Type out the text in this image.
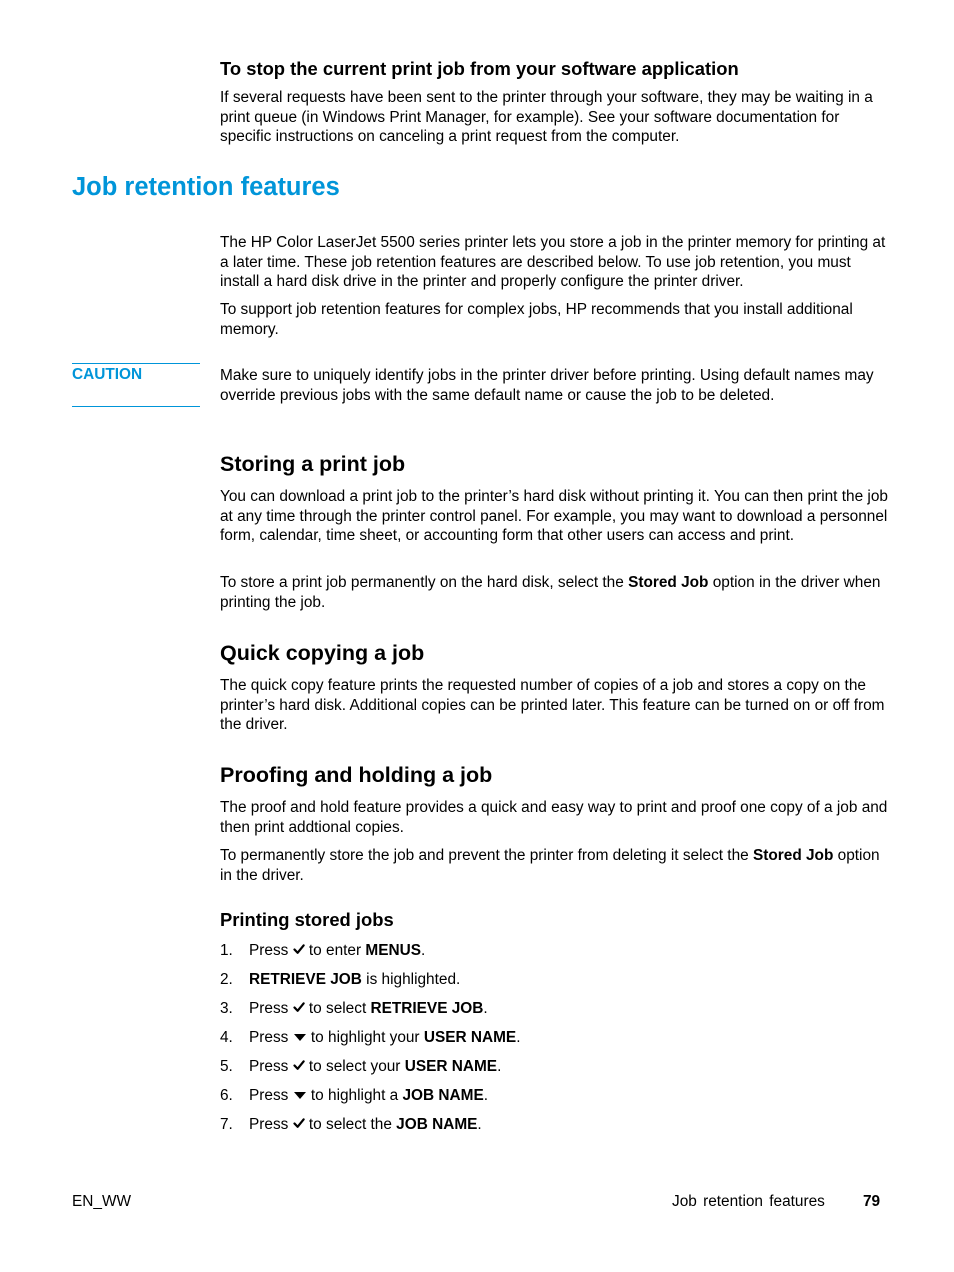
To stop the current print job from your software application

If several requests have been sent to the printer through your software, they may be waiting in a print queue (in Windows Print Manager, for example). See your software documentation for specific instructions on canceling a print request from the computer.

Job retention features

The HP Color LaserJet 5500 series printer lets you store a job in the printer memory for printing at a later time. These job retention features are described below. To use job retention, you must install a hard disk drive in the printer and properly configure the printer driver.

To support job retention features for complex jobs, HP recommends that you install additional memory.

CAUTION	Make sure to uniquely identify jobs in the printer driver before printing. Using default names may override previous jobs with the same default name or cause the job to be deleted.

Storing a print job

You can download a print job to the printer’s hard disk without printing it. You can then print the job at any time through the printer control panel. For example, you may want to download a personnel form, calendar, time sheet, or accounting form that other users can access and print.

To store a print job permanently on the hard disk, select the Stored Job option in the driver when printing the job.

Quick copying a job

The quick copy feature prints the requested number of copies of a job and stores a copy on the printer’s hard disk. Additional copies can be printed later. This feature can be turned on or off from the driver.

Proofing and holding a job

The proof and hold feature provides a quick and easy way to print and proof one copy of a job and then print addtional copies.

To permanently store the job and prevent the printer from deleting it select the Stored Job option in the driver.

Printing stored jobs
1. Press  to enter MENUS.
2. RETRIEVE JOB is highlighted.
3. Press  to select RETRIEVE JOB.
4. Press  to highlight your USER NAME.
5. Press  to select your USER NAME.
6. Press  to highlight a JOB NAME.
7. Press  to select the JOB NAME.
EN_WW	Job retention features 79
